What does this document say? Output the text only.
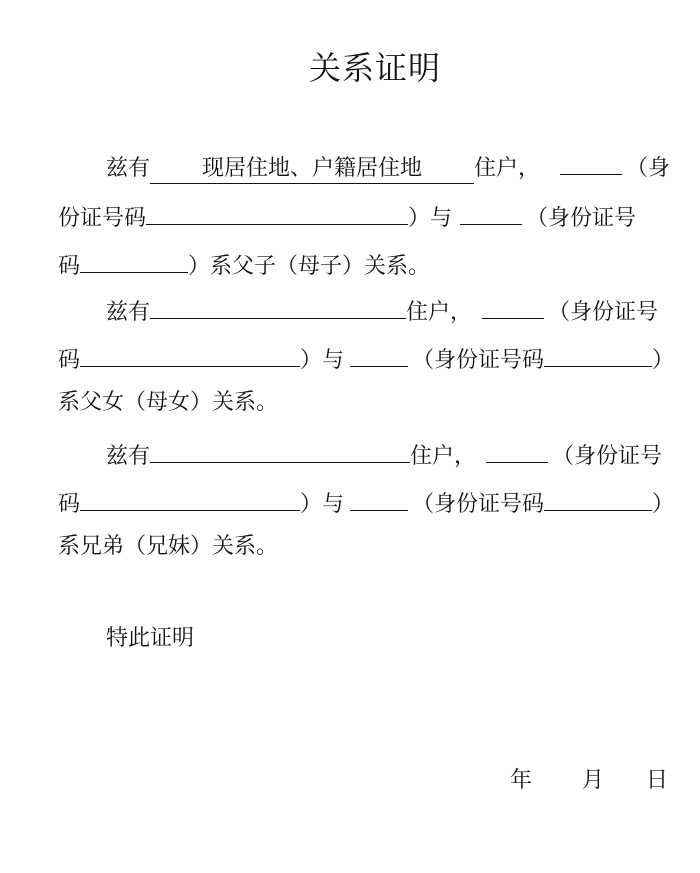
关系证明
兹有 现居住地、户籍居住地 住户，	（身
份证号码	）与	（身份证号
码	）系父子（母子）关系。
兹有	住户，	（身份证号
码	）与	（身份证号码	）
系父女（母女）关系。
兹有	住户，	（身份证号
码	）与	（身份证号码	）
系兄弟（兄妹）关系。
特此证明
年 月 日
